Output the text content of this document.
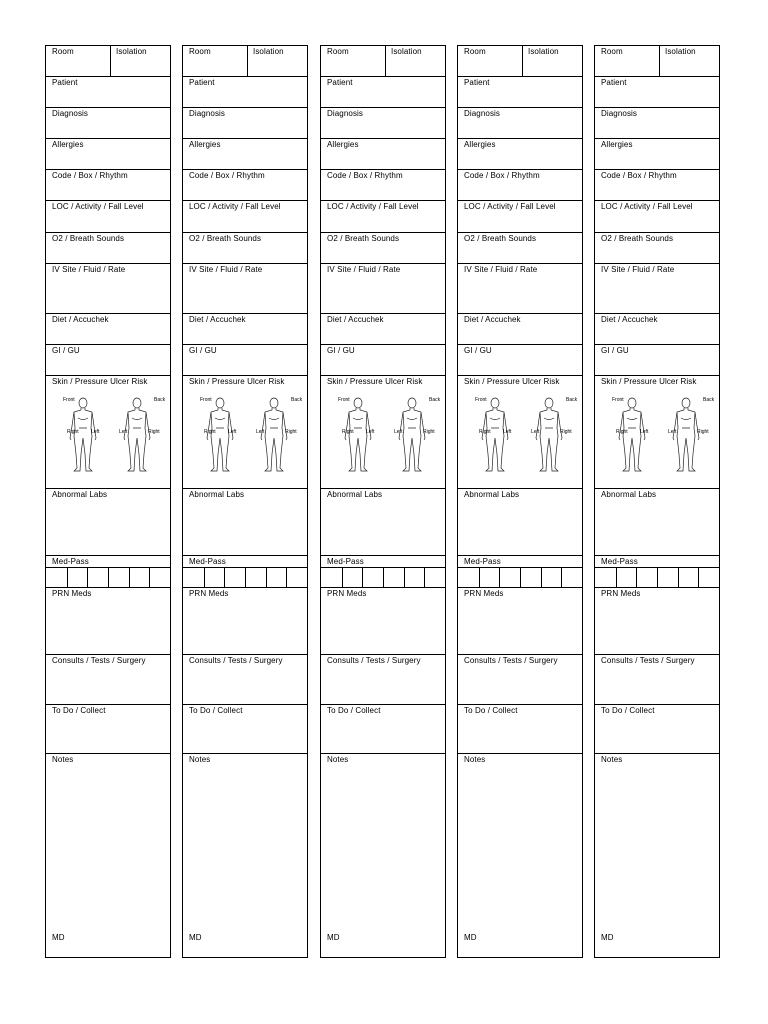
Room	Isolation
Patient
Diagnosis
Allergies
Code / Box / Rhythm
LOC / Activity / Fall Level
O2 / Breath Sounds
IV Site / Fluid / Rate
Diet / Accuchek
GI / GU
Skin / Pressure Ulcer Risk
Front	Back
Right Left	Left	Right
Abnormal Labs
Med-Pass
PRN Meds
Consults / Tests / Surgery
To Do / Collect
Notes
MD
Room	Isolation
Patient
Diagnosis
Allergies
Code / Box / Rhythm
LOC / Activity / Fall Level
O2 / Breath Sounds
IV Site / Fluid / Rate
Diet / Accuchek
GI / GU
Skin / Pressure Ulcer Risk
Front	Back
Right Left	Left	Right
Abnormal Labs
Med-Pass
PRN Meds
Consults / Tests / Surgery
To Do / Collect
Notes
MD
Room	Isolation
Patient
Diagnosis
Allergies
Code / Box / Rhythm
LOC / Activity / Fall Level
O2 / Breath Sounds
IV Site / Fluid / Rate
Diet / Accuchek
GI / GU
Skin / Pressure Ulcer Risk
Front	Back
Right Left	Left	Right
Abnormal Labs
Med-Pass
PRN Meds
Consults / Tests / Surgery
To Do / Collect
Notes
MD
Room	Isolation
Patient
Diagnosis
Allergies
Code / Box / Rhythm
LOC / Activity / Fall Level
O2 / Breath Sounds
IV Site / Fluid / Rate
Diet / Accuchek
GI / GU
Skin / Pressure Ulcer Risk
Front	Back
Right Left	Left	Right
Abnormal Labs
Med-Pass
PRN Meds
Consults / Tests / Surgery
To Do / Collect
Notes
MD
Room	Isolation
Patient
Diagnosis
Allergies
Code / Box / Rhythm
LOC / Activity / Fall Level
O2 / Breath Sounds
IV Site / Fluid / Rate
Diet / Accuchek
GI / GU
Skin / Pressure Ulcer Risk
Front	Back
Right Left	Left	Right
Abnormal Labs
Med-Pass
PRN Meds
Consults / Tests / Surgery
To Do / Collect
Notes
MD
